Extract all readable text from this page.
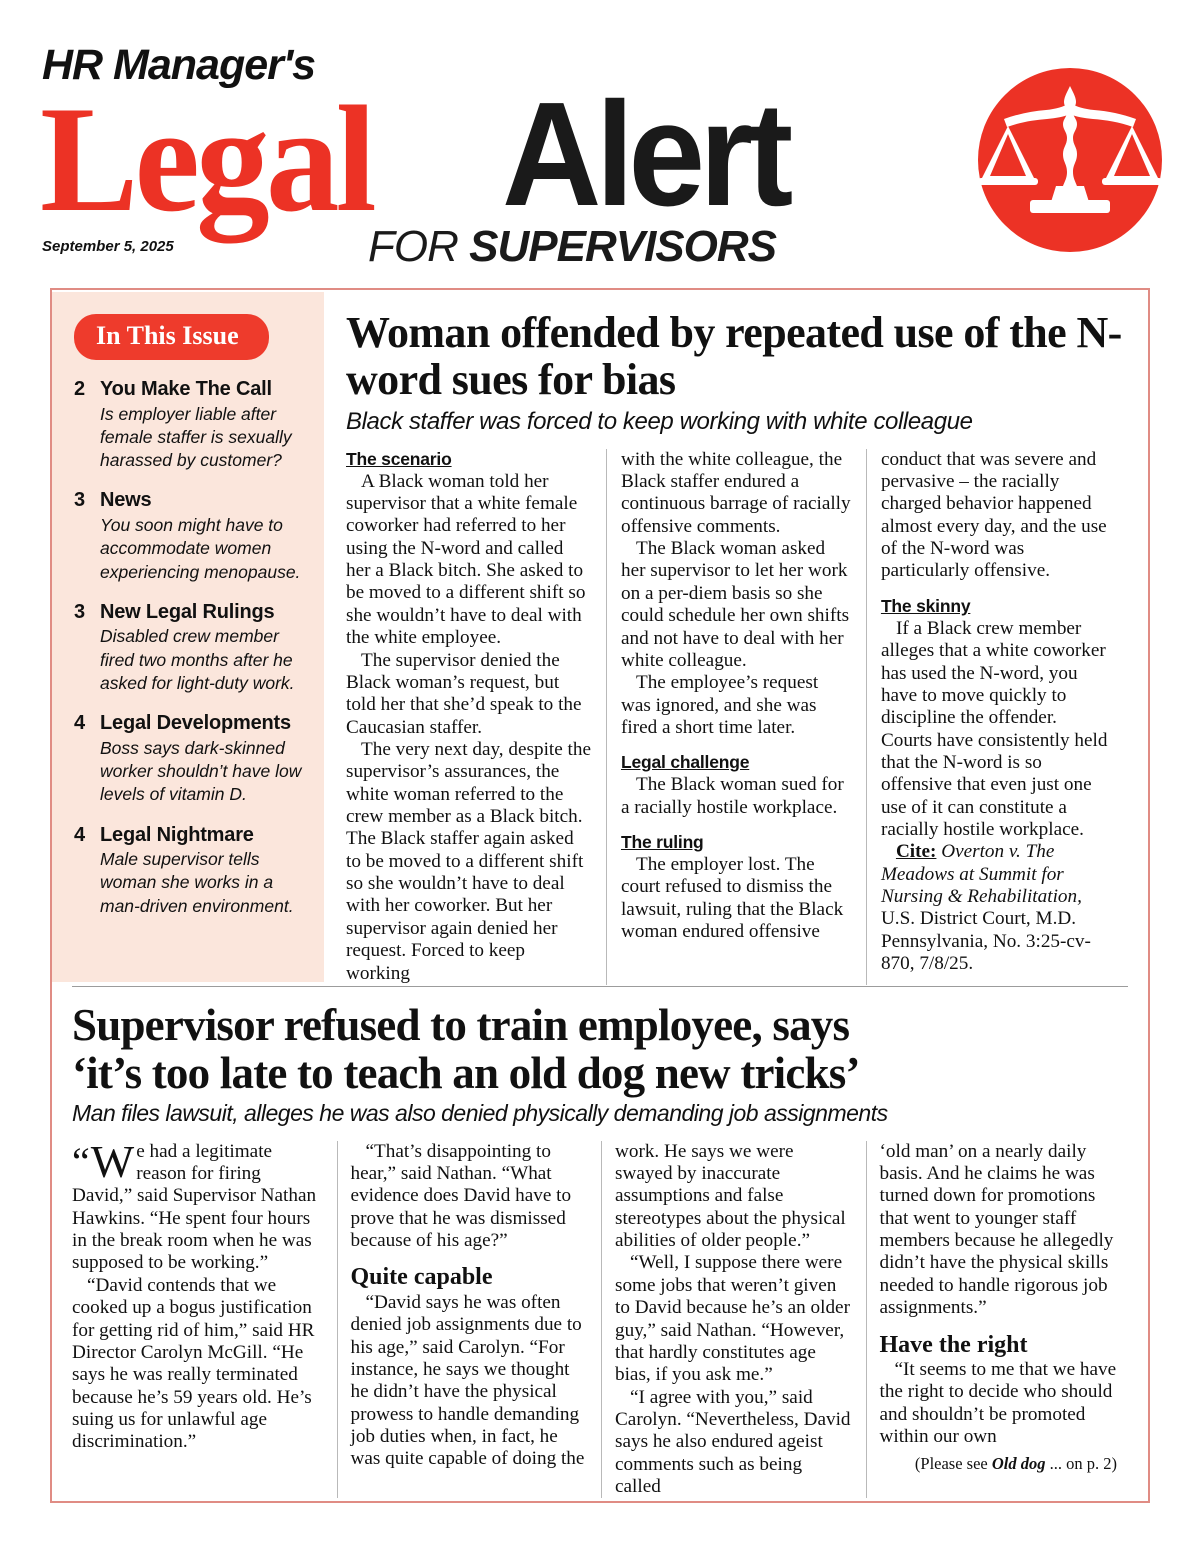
HR Manager's
Legal Alert
FOR SUPERVISORS
September 5, 2025
In This Issue
2 You Make The Call
Is employer liable after female staffer is sexually harassed by customer?
3 News
You soon might have to accommodate women experiencing menopause.
3 New Legal Rulings
Disabled crew member fired two months after he asked for light-duty work.
4 Legal Developments
Boss says dark-skinned worker shouldn’t have low levels of vitamin D.
4 Legal Nightmare
Male supervisor tells woman she works in a man-driven environment.
Woman offended by repeated use of the N-word sues for bias
Black staffer was forced to keep working with white colleague
The scenario

A Black woman told her supervisor that a white female coworker had referred to her using the N-word and called her a Black bitch. She asked to be moved to a different shift so she wouldn’t have to deal with the white employee.

The supervisor denied the Black woman’s request, but told her that she’d speak to the Caucasian staffer.

The very next day, despite the supervisor’s assurances, the white woman referred to the crew member as a Black bitch. The Black staffer again asked to be moved to a different shift so she wouldn’t have to deal with her coworker. But her supervisor again denied her request. Forced to keep working

with the white colleague, the Black staffer endured a continuous barrage of racially offensive comments.

The Black woman asked her supervisor to let her work on a per-diem basis so she could schedule her own shifts and not have to deal with her white colleague.

The employee’s request was ignored, and she was fired a short time later.

Legal challenge

The Black woman sued for a racially hostile workplace.

The ruling

The employer lost. The court refused to dismiss the lawsuit, ruling that the Black woman endured offensive

conduct that was severe and pervasive – the racially charged behavior happened almost every day, and the use of the N-word was particularly offensive.

The skinny

If a Black crew member alleges that a white coworker has used the N-word, you have to move quickly to discipline the offender. Courts have consistently held that the N-word is so offensive that even just one use of it can constitute a racially hostile workplace.

Cite: Overton v. The Meadows at Summit for Nursing & Rehabilitation, U.S. District Court, M.D. Pennsylvania, No. 3:25-cv-870, 7/8/25.

Supervisor refused to train employee, says
‘it’s too late to teach an old dog new tricks’
Man files lawsuit, alleges he was also denied physically demanding job assignments

“ W e had a legitimate reason for firing David,” said Supervisor Nathan Hawkins. “He spent four hours in the break room when he was supposed to be working.”

“David contends that we cooked up a bogus justification for getting rid of him,” said HR Director Carolyn McGill. “He says he was really terminated because he’s 59 years old. He’s suing us for unlawful age discrimination.”

“That’s disappointing to hear,” said Nathan. “What evidence does David have to prove that he was dismissed because of his age?”

Quite capable

“David says he was often denied job assignments due to his age,” said Carolyn. “For instance, he says we thought he didn’t have the physical prowess to handle demanding job duties when, in fact, he was quite capable of doing the

work. He says we were swayed by inaccurate assumptions and false stereotypes about the physical abilities of older people.”

“Well, I suppose there were some jobs that weren’t given to David because he’s an older guy,” said Nathan. “However, that hardly constitutes age bias, if you ask me.”

“I agree with you,” said Carolyn. “Nevertheless, David says he also endured ageist comments such as being called

‘old man’ on a nearly daily basis. And he claims he was turned down for promotions that went to younger staff members because he allegedly didn’t have the physical skills needed to handle rigorous job assignments.”

Have the right

“It seems to me that we have the right to decide who should and shouldn’t be promoted within our own

(Please see Old dog ... on p. 2)
